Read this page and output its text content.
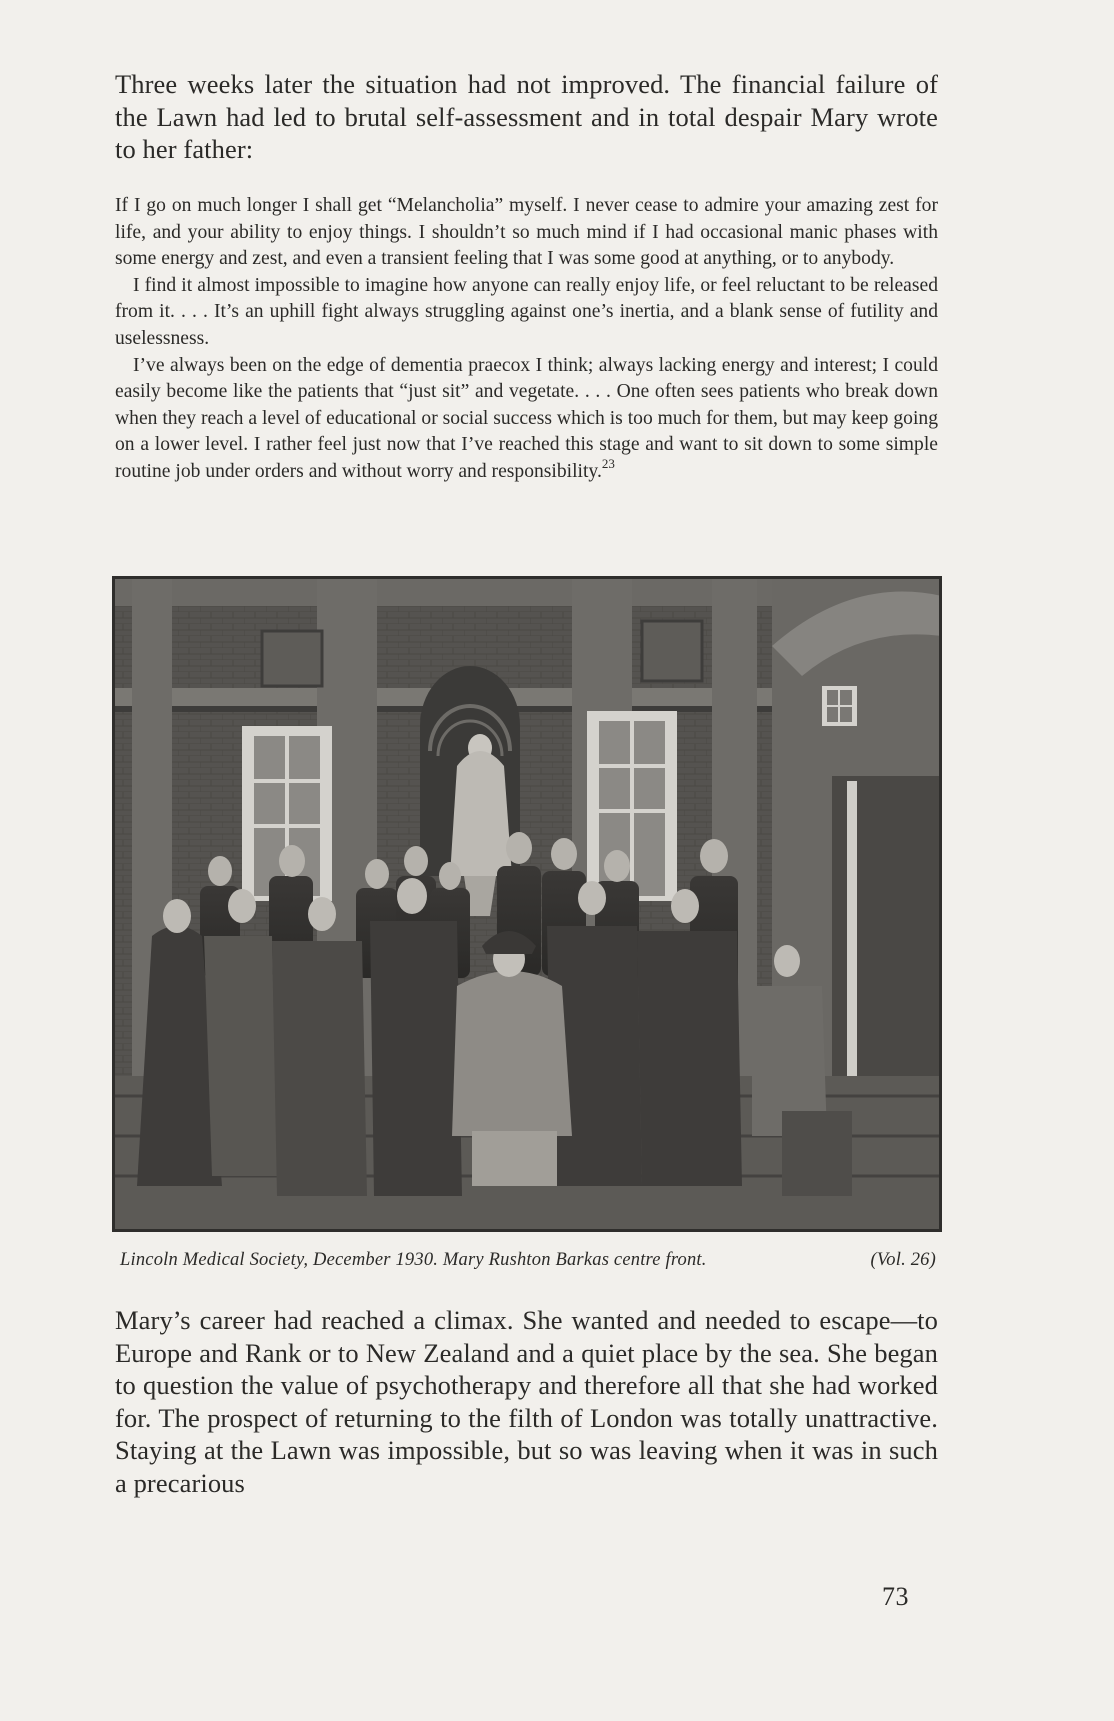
Three weeks later the situation had not improved. The financial failure of the Lawn had led to brutal self-assessment and in total despair Mary wrote to her father:

If I go on much longer I shall get “Melancholia” myself. I never cease to admire your amazing zest for life, and your ability to enjoy things. I shouldn’t so much mind if I had occasional manic phases with some energy and zest, and even a transient feeling that I was some good at anything, or to anybody.

I find it almost impossible to imagine how anyone can really enjoy life, or feel reluctant to be released from it. . . . It’s an uphill fight always struggling against one’s inertia, and a blank sense of futility and uselessness.

I’ve always been on the edge of dementia praecox I think; always lacking energy and interest; I could easily become like the patients that “just sit” and vegetate. . . . One often sees patients who break down when they reach a level of educational or social success which is too much for them, but may keep going on a lower level. I rather feel just now that I’ve reached this stage and want to sit down to some simple routine job under orders and without worry and responsibility.$^{23}$

Lincoln Medical Society, December 1930. Mary Rushton Barkas centre front.	(Vol. 26)

Mary’s career had reached a climax. She wanted and needed to escape—to Europe and Rank or to New Zealand and a quiet place by the sea. She began to question the value of psychotherapy and therefore all that she had worked for. The prospect of returning to the filth of London was totally unattractive. Staying at the Lawn was impossible, but so was leaving when it was in such a precarious

73
